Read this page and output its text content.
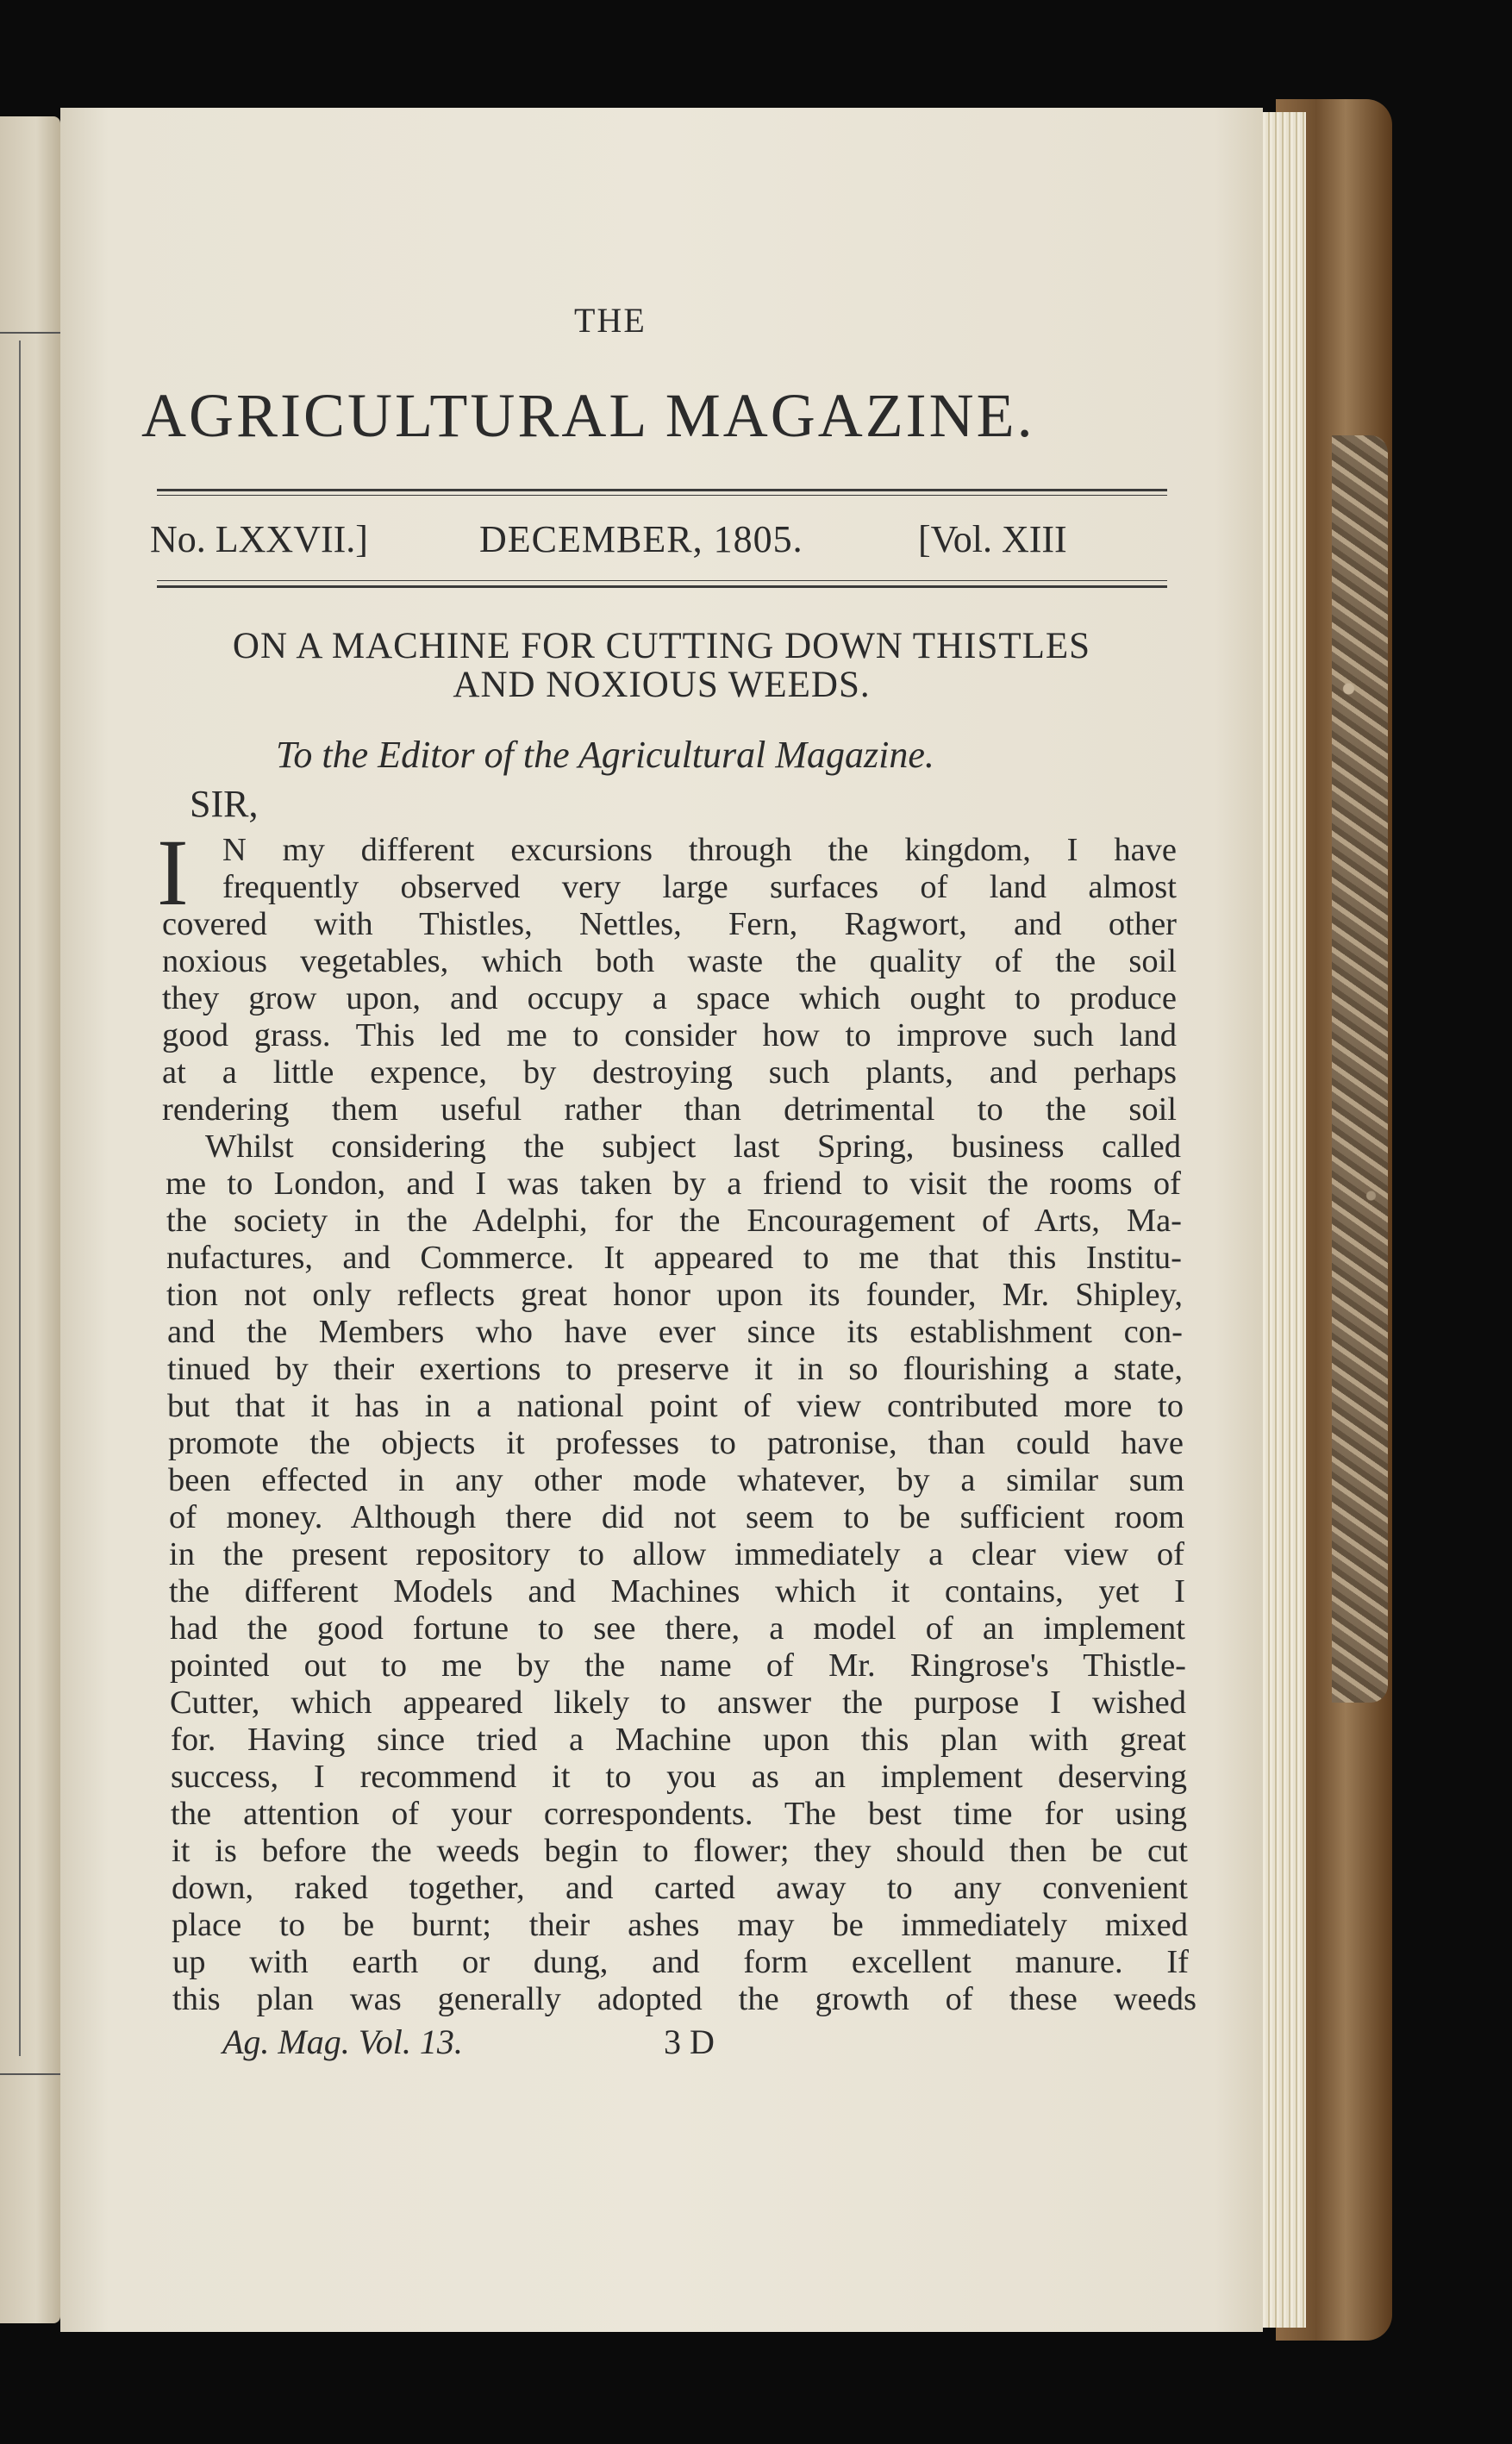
THE
AGRICULTURAL MAGAZINE.
No. LXXVII.]	DECEMBER, 1805.	[Vol. XIII
ON A MACHINE FOR CUTTING DOWN THISTLES
AND NOXIOUS WEEDS.
To the Editor of the Agricultural Magazine.
SIR,
I N my different excursions through the kingdom, I have
frequently observed very large surfaces of land almost
covered with Thistles, Nettles, Fern, Ragwort, and other
noxious vegetables, which both waste the quality of the soil
they grow upon, and occupy a space which ought to produce
good grass. This led me to consider how to improve such land
at a little expence, by destroying such plants, and perhaps
rendering them useful rather than detrimental to the soil
Whilst considering the subject last Spring, business called
me to London, and I was taken by a friend to visit the rooms of
the society in the Adelphi, for the Encouragement of Arts, Ma-
nufactures, and Commerce. It appeared to me that this Institu-
tion not only reflects great honor upon its founder, Mr. Shipley,
and the Members who have ever since its establishment con-
tinued by their exertions to preserve it in so flourishing a state,
but that it has in a national point of view contributed more to
promote the objects it professes to patronise, than could have
been effected in any other mode whatever, by a similar sum
of money. Although there did not seem to be sufficient room
in the present repository to allow immediately a clear view of
the different Models and Machines which it contains, yet I
had the good fortune to see there, a model of an implement
pointed out to me by the name of Mr. Ringrose's Thistle-
Cutter, which appeared likely to answer the purpose I wished
for. Having since tried a Machine upon this plan with great
success, I recommend it to you as an implement deserving
the attention of your correspondents. The best time for using
it is before the weeds begin to flower; they should then be cut
down, raked together, and carted away to any convenient
place to be burnt; their ashes may be immediately mixed
up with earth or dung, and form excellent manure. If
this plan was generally adopted the growth of these weeds
Ag. Mag. Vol. 13.	3 D
